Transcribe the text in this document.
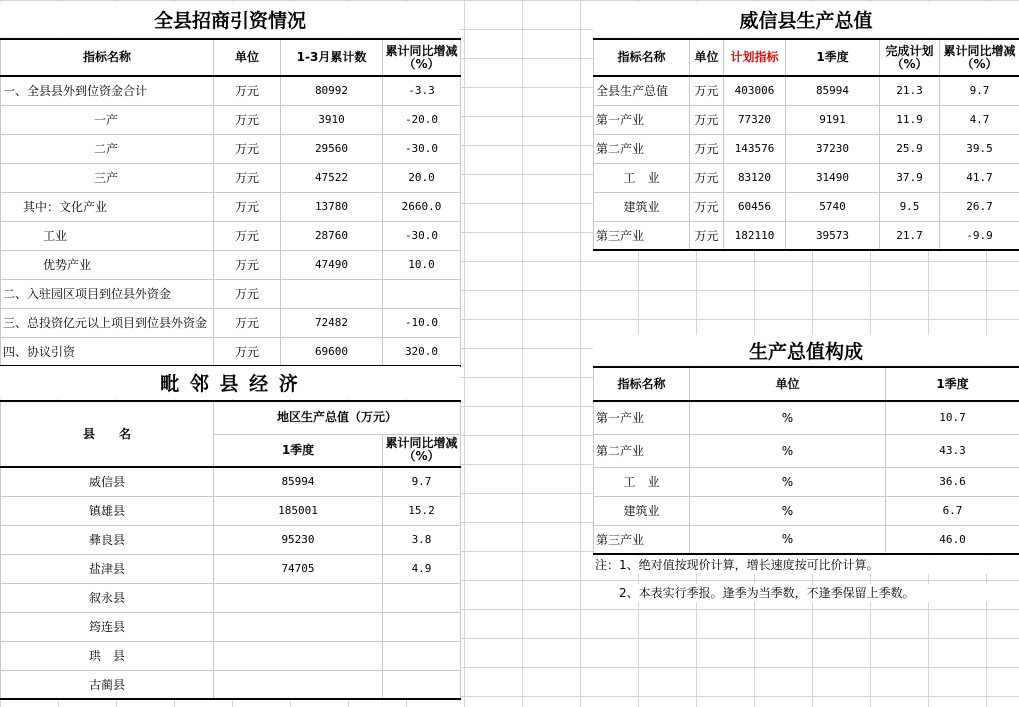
全县招商引资情况
指标名称	单位	1-3月累计数	累计同比增减（%）
一、全县县外到位资金合计	万元	80992	-3.3
一产	万元	3910	-20.0
二产	万元	29560	-30.0
三产	万元	47522	20.0
其中：文化产业	万元	13780	2660.0
工业	万元	28760	-30.0
优势产业	万元	47490	10.0
二、入驻园区项目到位县外资金	万元		
三、总投资亿元以上项目到位县外资金	万元	72482	-10.0
四、协议引资	万元	69600	320.0
威信县生产总值
指标名称	单位	计划指标	1季度	完成计划（%）	累计同比增减（%）
全县生产总值	万元	403006	85994	21.3	9.7
第一产业	万元	77320	9191	11.9	4.7
第二产业	万元	143576	37230	25.9	39.5
工　业	万元	83120	31490	37.9	41.7
建筑业	万元	60456	5740	9.5	26.7
第三产业	万元	182110	39573	21.7	-9.9
毗 邻 县 经 济
县　　名	地区生产总值（万元）	
	1季度	累计同比增减（%）
威信县	85994	9.7
镇雄县	185001	15.2
彝良县	95230	3.8
盐津县	74705	4.9
叙永县		
筠连县		
珙　县		
古蔺县		
生产总值构成
指标名称	单位	1季度
第一产业	%	10.7
第二产业	%	43.3
工　业	%	36.6
建筑业	%	6.7
第三产业	%	46.0
注：1、绝对值按现价计算，增长速度按可比价计算。
2、本表实行季报。逢季为当季数，不逢季保留上季数。
